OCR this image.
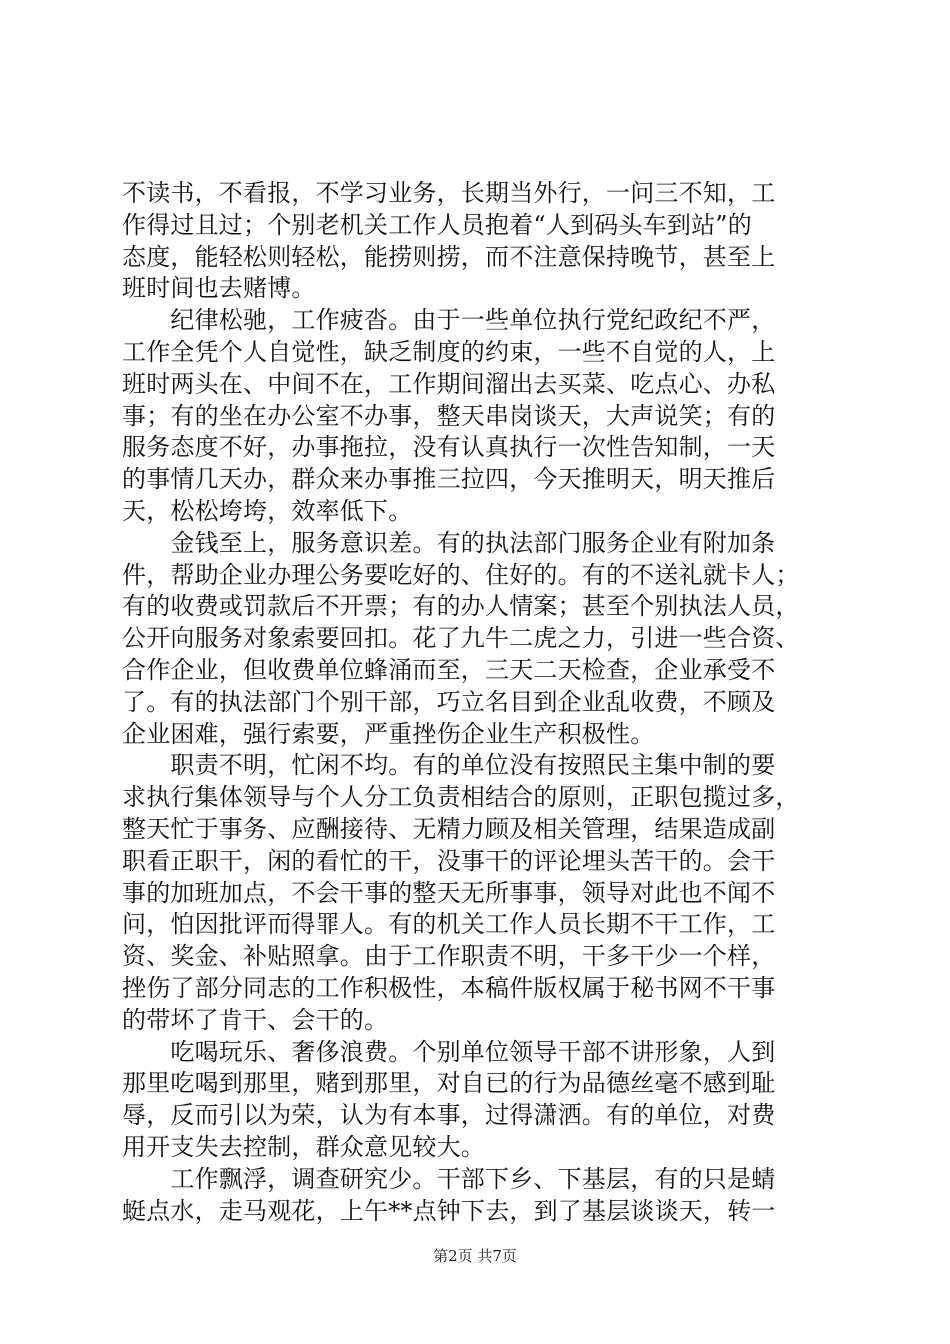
不读书，不看报，不学习业务，长期当外行，一问三不知，工
作得过且过；个别老机关工作人员抱着“人到码头车到站”的
态度，能轻松则轻松，能捞则捞，而不注意保持晚节，甚至上
班时间也去赌博。
　　纪律松驰，工作疲沓。由于一些单位执行党纪政纪不严，
工作全凭个人自觉性，缺乏制度的约束，一些不自觉的人，上
班时两头在、中间不在，工作期间溜出去买菜、吃点心、办私
事；有的坐在办公室不办事，整天串岗谈天，大声说笑；有的
服务态度不好，办事拖拉，没有认真执行一次性告知制，一天
的事情几天办，群众来办事推三拉四，今天推明天，明天推后
天，松松垮垮，效率低下。
　　金钱至上，服务意识差。有的执法部门服务企业有附加条
件，帮助企业办理公务要吃好的、住好的。有的不送礼就卡人；
有的收费或罚款后不开票；有的办人情案；甚至个别执法人员，
公开向服务对象索要回扣。花了九牛二虎之力，引进一些合资、
合作企业，但收费单位蜂涌而至，三天二天检查，企业承受不
了。有的执法部门个别干部，巧立名目到企业乱收费，不顾及
企业困难，强行索要，严重挫伤企业生产积极性。
　　职责不明，忙闲不均。有的单位没有按照民主集中制的要
求执行集体领导与个人分工负责相结合的原则，正职包揽过多，
整天忙于事务、应酬接待、无精力顾及相关管理，结果造成副
职看正职干，闲的看忙的干，没事干的评论埋头苦干的。会干
事的加班加点，不会干事的整天无所事事，领导对此也不闻不
问，怕因批评而得罪人。有的机关工作人员长期不干工作，工
资、奖金、补贴照拿。由于工作职责不明，干多干少一个样，
挫伤了部分同志的工作积极性，本稿件版权属于秘书网不干事
的带坏了肯干、会干的。
　　吃喝玩乐、奢侈浪费。个别单位领导干部不讲形象，人到
那里吃喝到那里，赌到那里，对自已的行为品德丝毫不感到耻
辱，反而引以为荣，认为有本事，过得潇洒。有的单位，对费
用开支失去控制，群众意见较大。
　　工作飘浮，调查研究少。干部下乡、下基层，有的只是蜻
蜓点水，走马观花，上午**点钟下去，到了基层谈谈天，转一
第2页 共7页
